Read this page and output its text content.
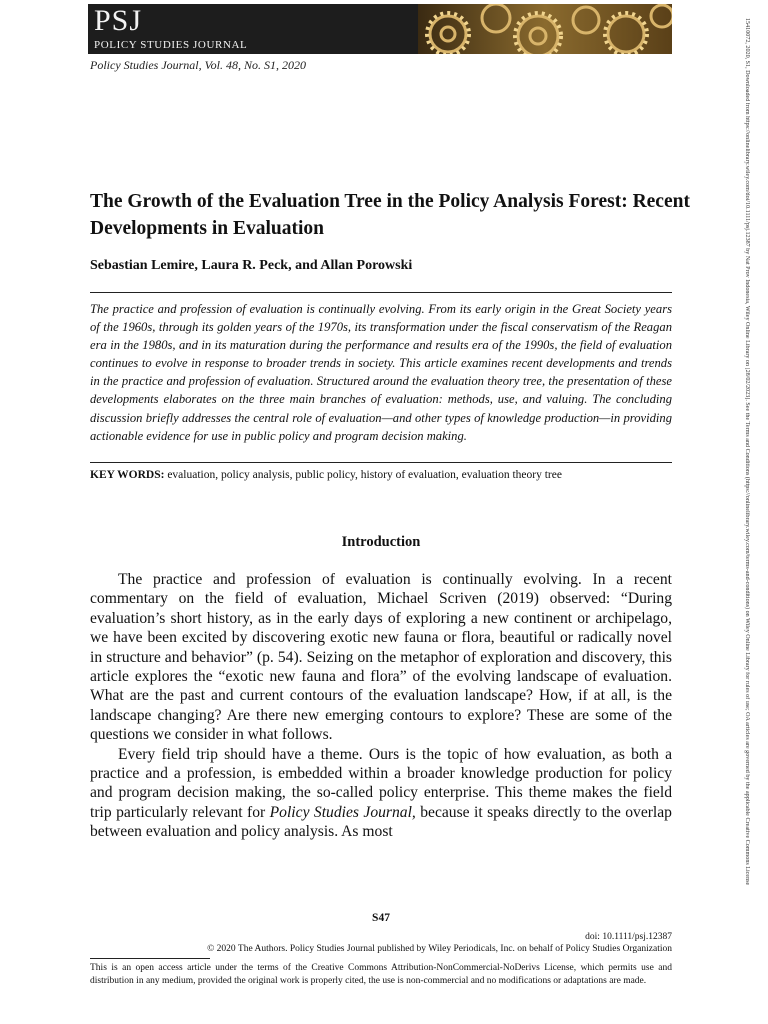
PSJ
POLICY STUDIES JOURNAL
Policy Studies Journal, Vol. 48, No. S1, 2020
The Growth of the Evaluation Tree in the Policy Analysis Forest: Recent Developments in Evaluation
Sebastian Lemire, Laura R. Peck, and Allan Porowski

The practice and profession of evaluation is continually evolving. From its early origin in the Great Society years of the 1960s, through its golden years of the 1970s, its transformation under the fiscal conservatism of the Reagan era in the 1980s, and in its maturation during the performance and results era of the 1990s, the field of evaluation continues to evolve in response to broader trends in society. This article examines recent developments and trends in the practice and profession of evaluation. Structured around the evaluation theory tree, the presentation of these developments elaborates on the three main branches of evaluation: methods, use, and valuing. The concluding discussion briefly addresses the central role of evaluation—and other types of knowledge production—in providing actionable evidence for use in public policy and program decision making.

KEY WORDS: evaluation, policy analysis, public policy, history of evaluation, evaluation theory tree
Introduction

The practice and profession of evaluation is continually evolving. In a recent commentary on the field of evaluation, Michael Scriven (2019) observed: “During evaluation’s short history, as in the early days of exploring a new continent or archipelago, we have been excited by discovering exotic new fauna or flora, beautiful or radically novel in structure and behavior” (p. 54). Seizing on the metaphor of exploration and discovery, this article explores the “exotic new fauna and flora” of the evolving landscape of evaluation. What are the past and current contours of the evaluation landscape? How, if at all, is the landscape changing? Are there new emerging contours to explore? These are some of the questions we consider in what follows.

Every field trip should have a theme. Ours is the topic of how evaluation, as both a practice and a profession, is embedded within a broader knowledge production for policy and program decision making, the so-called policy enterprise. This theme makes the field trip particularly relevant for Policy Studies Journal, because it speaks directly to the overlap between evaluation and policy analysis. As most

S47
doi: 10.1111/psj.12387
© 2020 The Authors. Policy Studies Journal published by Wiley Periodicals, Inc. on behalf of Policy Studies Organization
This is an open access article under the terms of the Creative Commons Attribution-NonCommercial-NoDerivs License, which permits use and distribution in any medium, provided the original work is properly cited, the use is non-commercial and no modifications or adaptations are made.
15410072, 2020, S1, Downloaded from https://onlinelibrary.wiley.com/doi/10.1111/psj.12387 by Nat Prov Indonesia, Wiley Online Library on [28/02/2023]. See the Terms and Conditions (https://onlinelibrary.wiley.com/terms-and-conditions) on Wiley Online Library for rules of use; OA articles are governed by the applicable Creative Commons License
